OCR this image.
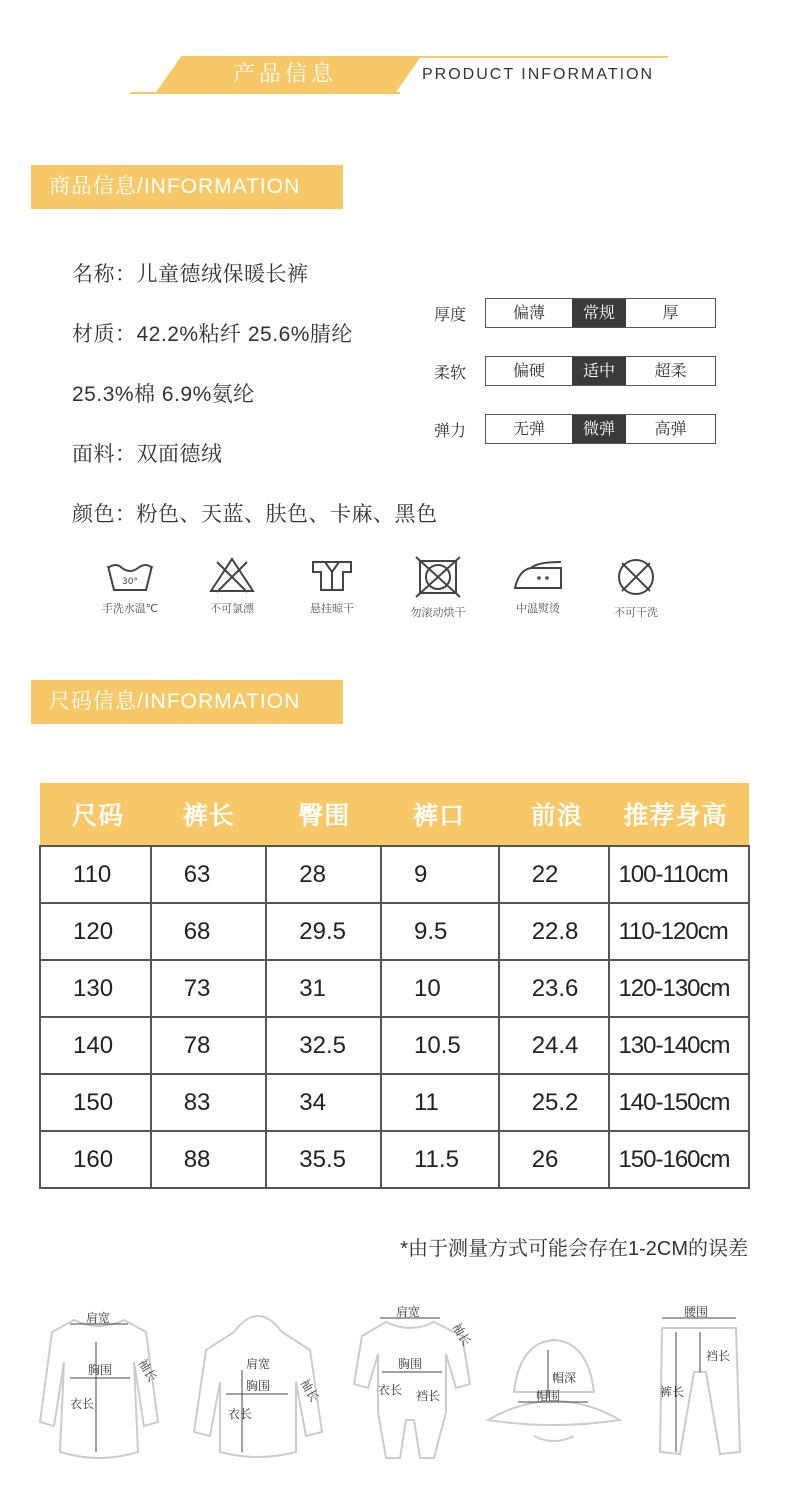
产品信息	PRODUCT INFORMATION
商品信息/INFORMATION
名称：儿童德绒保暖长裤
材质：42.2%粘纤 25.6%腈纶
25.3%棉 6.9%氨纶
面料：双面德绒
颜色：粉色、天蓝、肤色、卡麻、黑色
厚度	偏薄	常规	厚
柔软	偏硬	适中	超柔
弹力	无弹	微弹	高弹
30°
手洗水温℃	不可氯漂	悬挂晾干	勿滚动烘干	中温熨烫	不可干洗
尺码信息/INFORMATION
尺码	裤长	臀围	裤口	前浪	推荐身高
110	63	28	9	22	100-110cm
120	68	29.5	9.5	22.8	110-120cm
130	73	31	10	23.6	120-130cm
140	78	32.5	10.5	24.4	130-140cm
150	83	34	11	25.2	140-150cm
160	88	35.5	11.5	26	150-160cm
*由于测量方式可能会存在1-2CM的误差
肩宽
胸围 袖长
衣长
肩宽
胸围 袖长
衣长
肩宽
袖长
胸围
衣长 裆长
帽深
帽围
腰围
裆长
裤长
